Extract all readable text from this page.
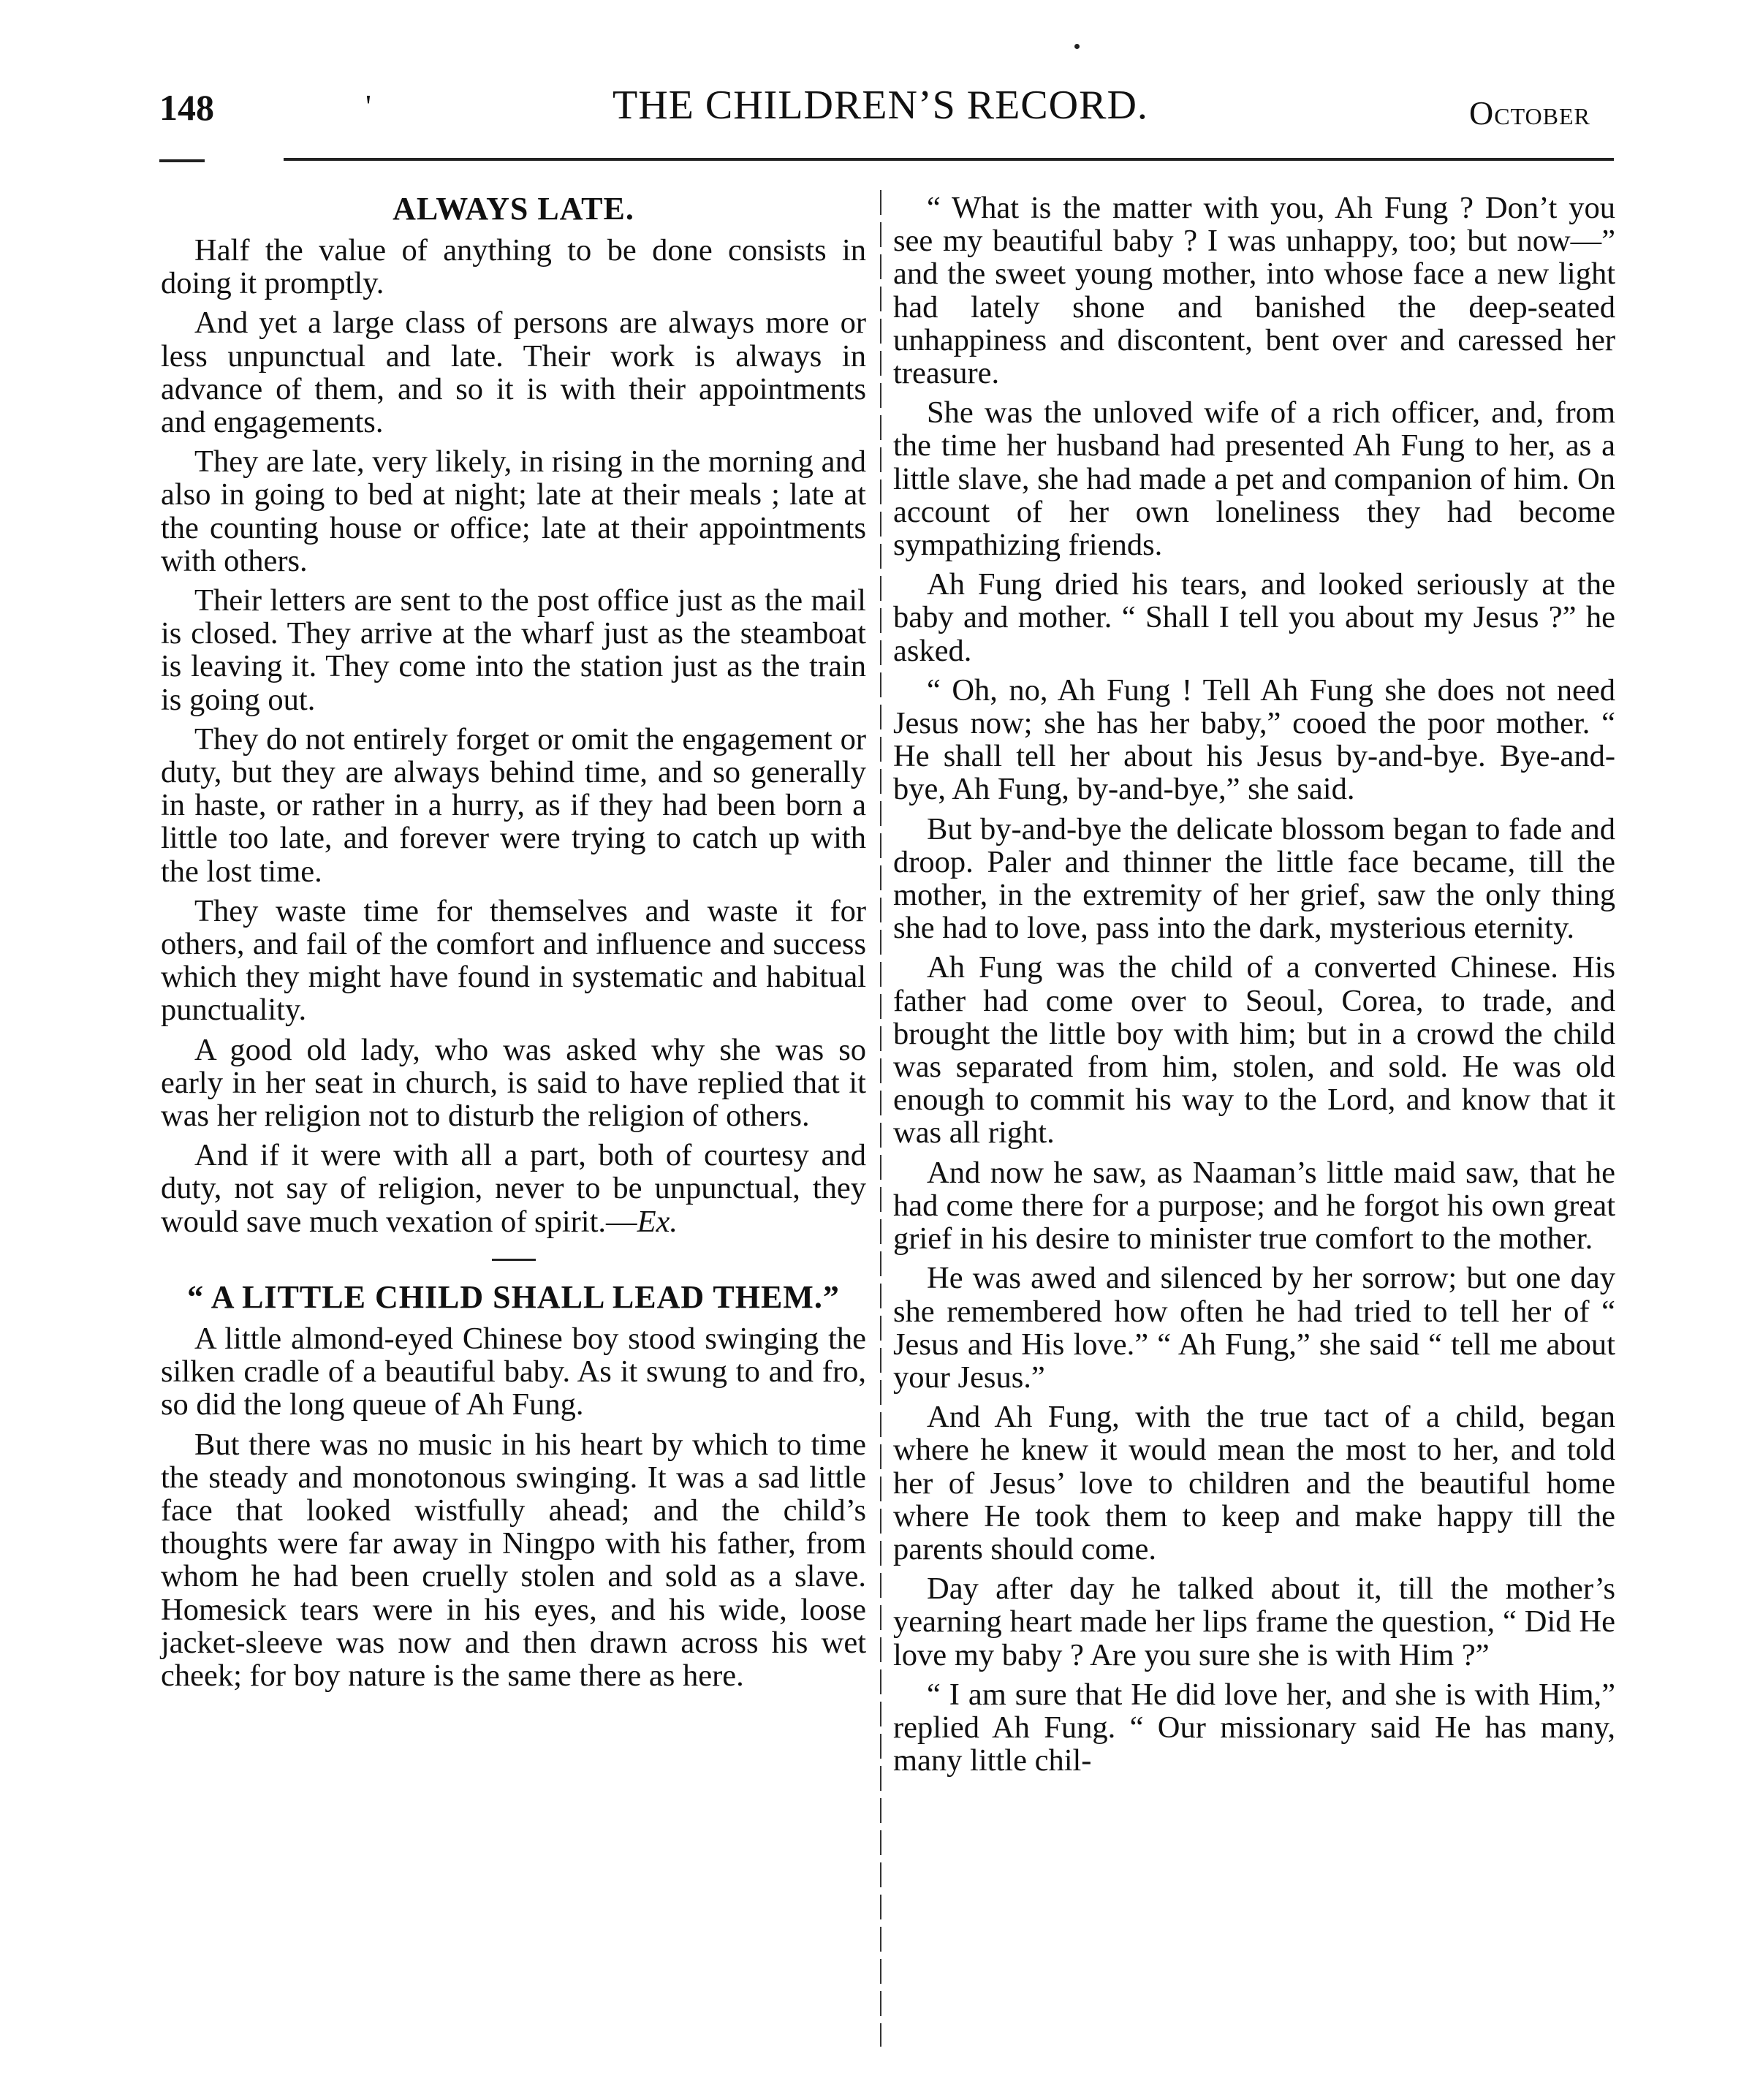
148	'	THE CHILDREN’S RECORD.	October
ALWAYS LATE.

Half the value of anything to be done consists in doing it promptly.

And yet a large class of persons are always more or less unpunctual and late. Their work is always in advance of them, and so it is with their appointments and engagements.

They are late, very likely, in rising in the morning and also in going to bed at night; late at their meals ; late at the counting house or office; late at their appointments with others.

Their letters are sent to the post office just as the mail is closed. They arrive at the wharf just as the steamboat is leaving it. They come into the station just as the train is going out.

They do not entirely forget or omit the engagement or duty, but they are always behind time, and so generally in haste, or rather in a hurry, as if they had been born a little too late, and forever were trying to catch up with the lost time.

They waste time for themselves and waste it for others, and fail of the comfort and influence and success which they might have found in systematic and habitual punctuality.

A good old lady, who was asked why she was so early in her seat in church, is said to have replied that it was her religion not to disturb the religion of others.

And if it were with all a part, both of courtesy and duty, not say of religion, never to be unpunctual, they would save much vexation of spirit.—Ex.

“ A LITTLE CHILD SHALL LEAD THEM.”

A little almond-eyed Chinese boy stood swinging the silken cradle of a beautiful baby. As it swung to and fro, so did the long queue of Ah Fung.

But there was no music in his heart by which to time the steady and monotonous swinging. It was a sad little face that looked wistfully ahead; and the child’s thoughts were far away in Ningpo with his father, from whom he had been cruelly stolen and sold as a slave. Homesick tears were in his eyes, and his wide, loose jacket-sleeve was now and then drawn across his wet cheek; for boy nature is the same there as here.

“ What is the matter with you, Ah Fung ? Don’t you see my beautiful baby ? I was unhappy, too; but now—” and the sweet young mother, into whose face a new light had lately shone and banished the deep-seated unhappiness and discontent, bent over and caressed her treasure.

She was the unloved wife of a rich officer, and, from the time her husband had presented Ah Fung to her, as a little slave, she had made a pet and companion of him. On account of her own loneliness they had become sympathizing friends.

Ah Fung dried his tears, and looked seriously at the baby and mother. “ Shall I tell you about my Jesus ?” he asked.

“ Oh, no, Ah Fung ! Tell Ah Fung she does not need Jesus now; she has her baby,” cooed the poor mother. “ He shall tell her about his Jesus by-and-bye. Bye-and-bye, Ah Fung, by-and-bye,” she said.

But by-and-bye the delicate blossom began to fade and droop. Paler and thinner the little face became, till the mother, in the extremity of her grief, saw the only thing she had to love, pass into the dark, mysterious eternity.

Ah Fung was the child of a converted Chinese. His father had come over to Seoul, Corea, to trade, and brought the little boy with him; but in a crowd the child was separated from him, stolen, and sold. He was old enough to commit his way to the Lord, and know that it was all right.

And now he saw, as Naaman’s little maid saw, that he had come there for a purpose; and he forgot his own great grief in his desire to minister true comfort to the mother.

He was awed and silenced by her sorrow; but one day she remembered how often he had tried to tell her of “ Jesus and His love.” “ Ah Fung,” she said “ tell me about your Jesus.”

And Ah Fung, with the true tact of a child, began where he knew it would mean the most to her, and told her of Jesus’ love to children and the beautiful home where He took them to keep and make happy till the parents should come.

Day after day he talked about it, till the mother’s yearning heart made her lips frame the question, “ Did He love my baby ? Are you sure she is with Him ?”

“ I am sure that He did love her, and she is with Him,” replied Ah Fung. “ Our missionary said He has many, many little chil-
